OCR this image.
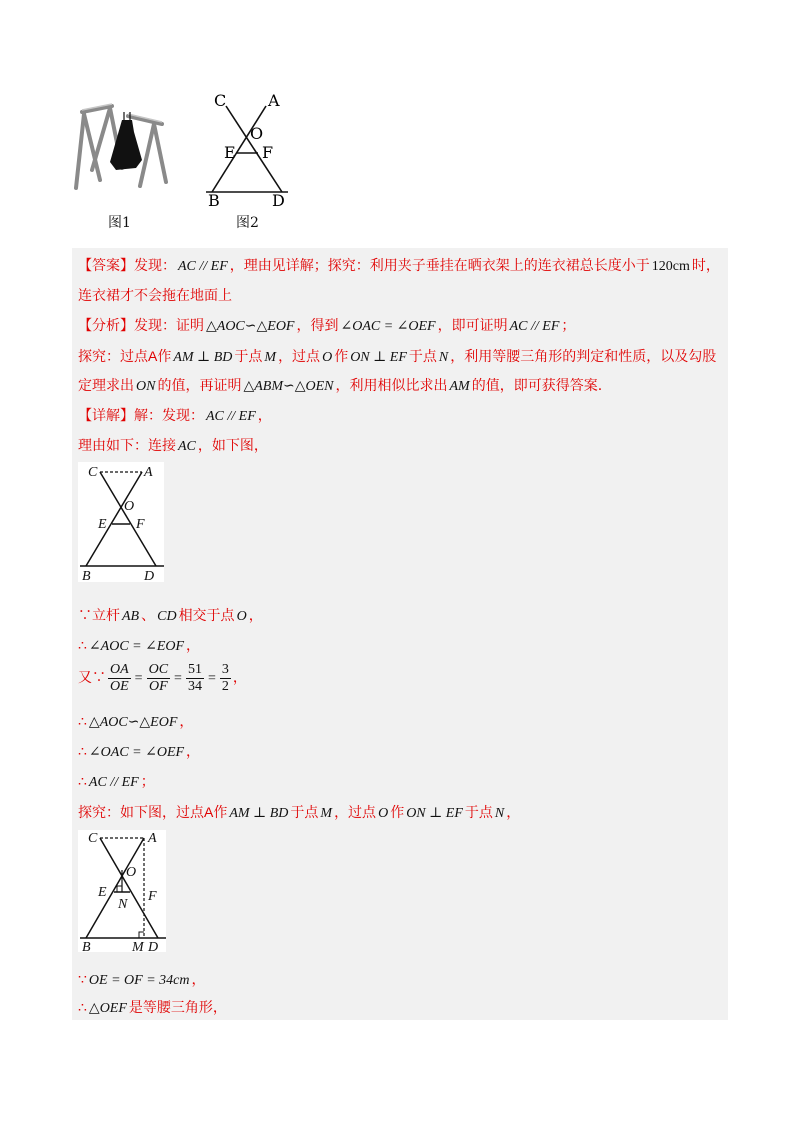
图1
C	A
O
E F
B	D
图2
【答案】发现： AC // EF ，理由见详解；探究：利用夹子垂挂在晒衣架上的连衣裙总长度小于 120cm 时，
连衣裙才不会拖在地面上
【分析】发现：证明 △AOC∽△EOF ，得到 ∠OAC = ∠OEF ，即可证明 AC // EF ；
探究：过点A作 AM ⊥ BD 于点 M ，过点 O 作 ON ⊥ EF 于点 N ，利用等腰三角形的判定和性质，以及勾股
定理求出 ON 的值，再证明 △ABM∽△OEN ，利用相似比求出 AM 的值，即可获得答案.
【详解】解：发现： AC // EF ，
理由如下：连接 AC ，如下图，
C	A
O
E F
B	D
∵立杆 AB 、 CD 相交于点 O ，
∴ ∠AOC = ∠EOF ，
又∵ $\frac{OA}{OE} = \frac{OC}{OF} = \frac{51}{34} = \frac{3}{2}$ ，
∴ △AOC∽△EOF ，
∴ ∠OAC = ∠OEF ，
∴ AC // EF ；
探究：如下图，过点A作 AM ⊥ BD 于点 M ，过点 O 作 ON ⊥ EF 于点 N ，
C	A
O
E	F
N
B	M D
∵ OE = OF = 34cm ，
∴ △OEF 是等腰三角形，
